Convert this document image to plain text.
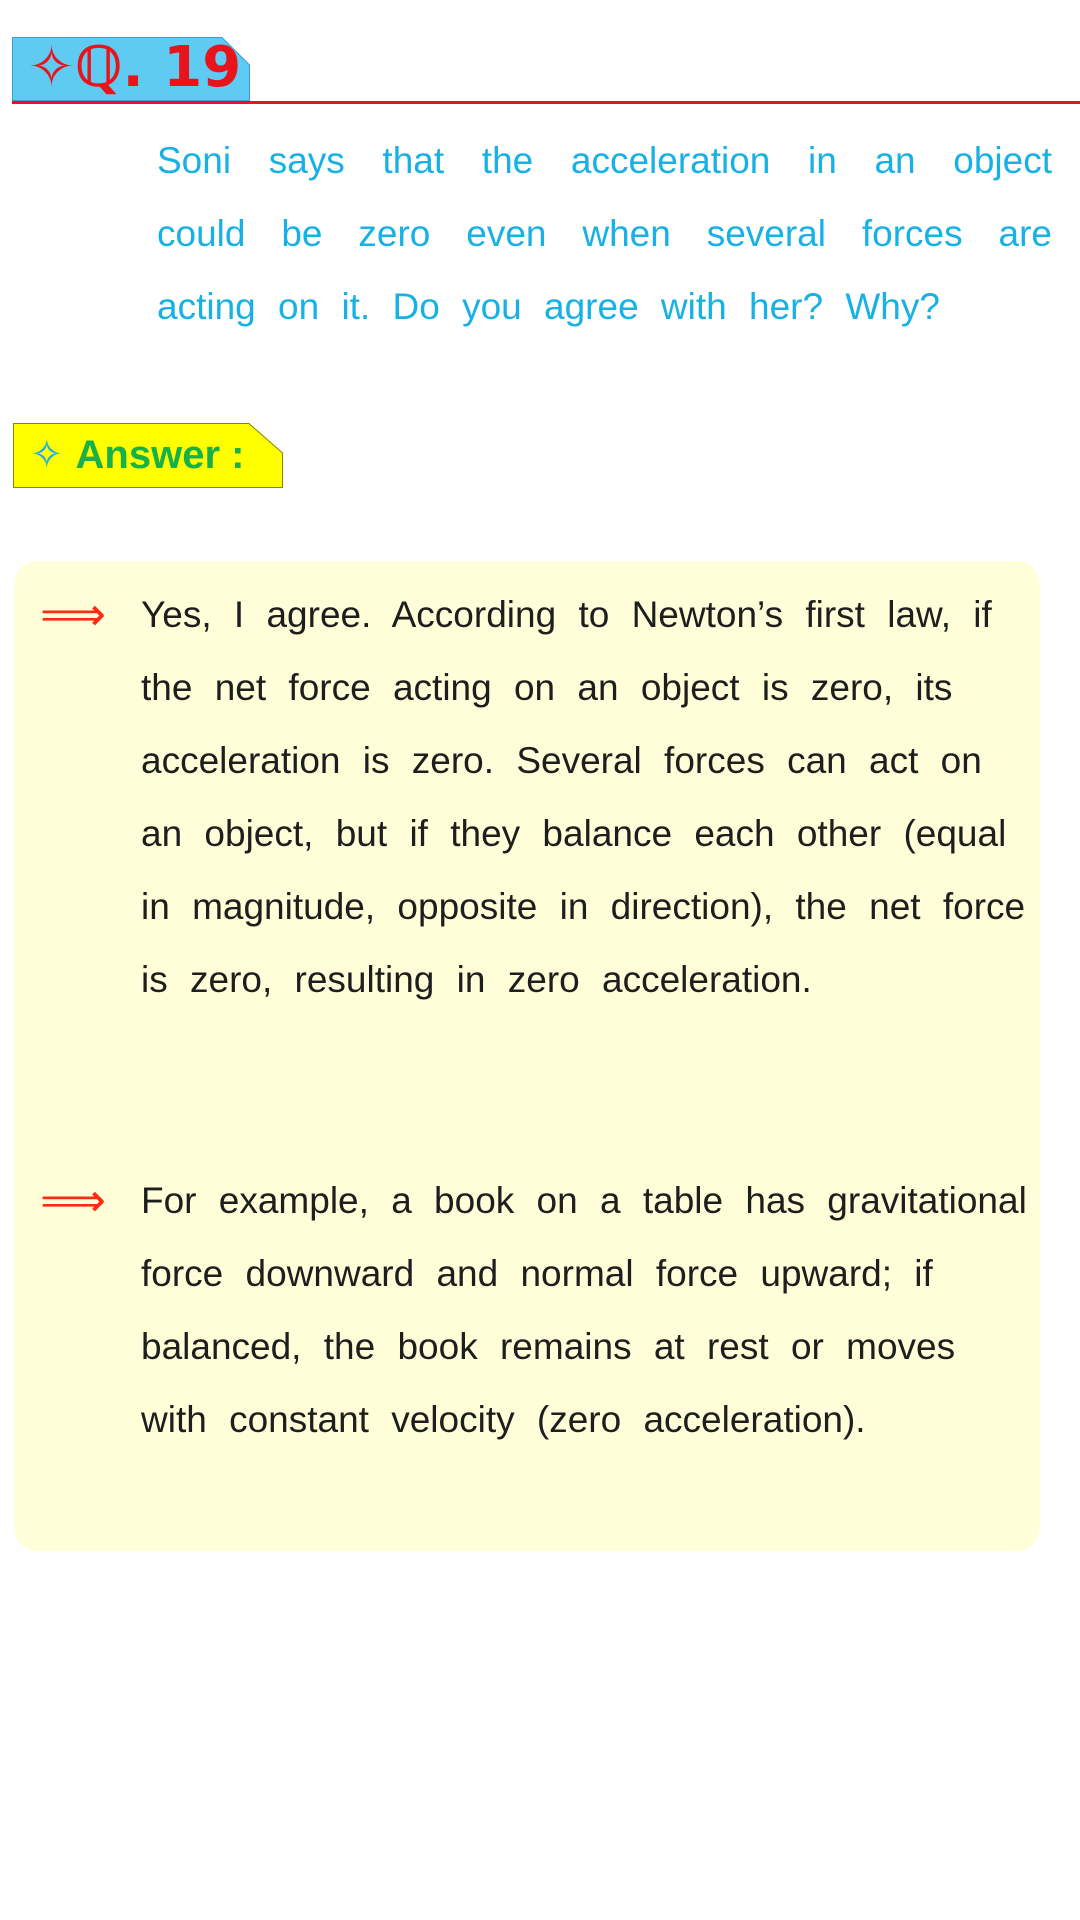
✧ℚ. 19
Soni says that the acceleration in an object could be zero even when several forces are acting on it. Do you agree with her? Why?
✧ Answer :
⟹ Yes, I agree. According to Newton’s first law, if the net force acting on an object is zero, its acceleration is zero. Several forces can act on an object, but if they balance each other (equal in magnitude, opposite in direction), the net force is zero, resulting in zero acceleration.
⟹ For example, a book on a table has gravitational force downward and normal force upward; if balanced, the book remains at rest or moves with constant velocity (zero acceleration).
